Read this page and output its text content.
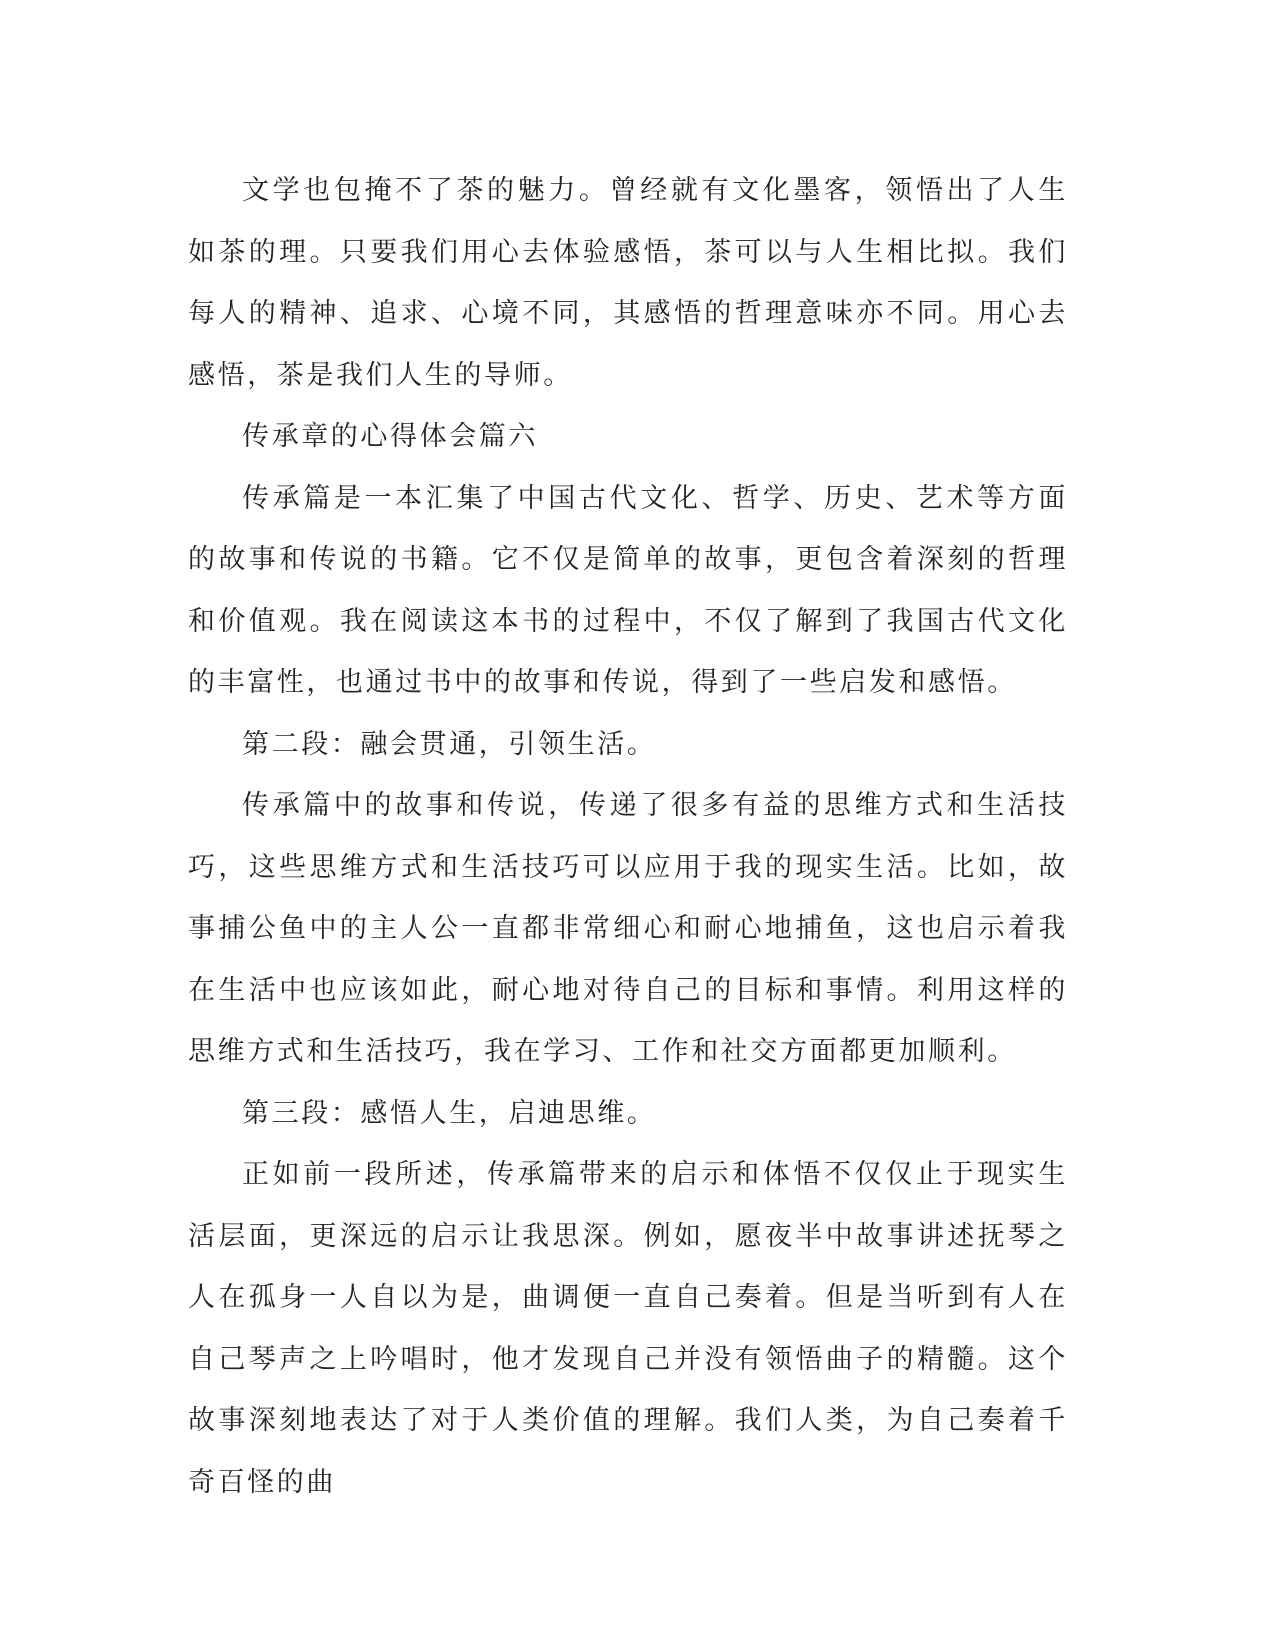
文学也包掩不了茶的魅力。曾经就有文化墨客，领悟出了人生如茶的理。只要我们用心去体验感悟，茶可以与人生相比拟。我们每人的精神、追求、心境不同，其感悟的哲理意味亦不同。用心去感悟，茶是我们人生的导师。

传承章的心得体会篇六

传承篇是一本汇集了中国古代文化、哲学、历史、艺术等方面的故事和传说的书籍。它不仅是简单的故事，更包含着深刻的哲理和价值观。我在阅读这本书的过程中，不仅了解到了我国古代文化的丰富性，也通过书中的故事和传说，得到了一些启发和感悟。

第二段：融会贯通，引领生活。

传承篇中的故事和传说，传递了很多有益的思维方式和生活技巧，这些思维方式和生活技巧可以应用于我的现实生活。比如，故事捕公鱼中的主人公一直都非常细心和耐心地捕鱼，这也启示着我在生活中也应该如此，耐心地对待自己的目标和事情。利用这样的思维方式和生活技巧，我在学习、工作和社交方面都更加顺利。

第三段：感悟人生，启迪思维。

正如前一段所述，传承篇带来的启示和体悟不仅仅止于现实生活层面，更深远的启示让我思深。例如，愿夜半中故事讲述抚琴之人在孤身一人自以为是，曲调便一直自己奏着。但是当听到有人在自己琴声之上吟唱时，他才发现自己并没有领悟曲子的精髓。这个故事深刻地表达了对于人类价值的理解。我们人类，为自己奏着千奇百怪的曲
